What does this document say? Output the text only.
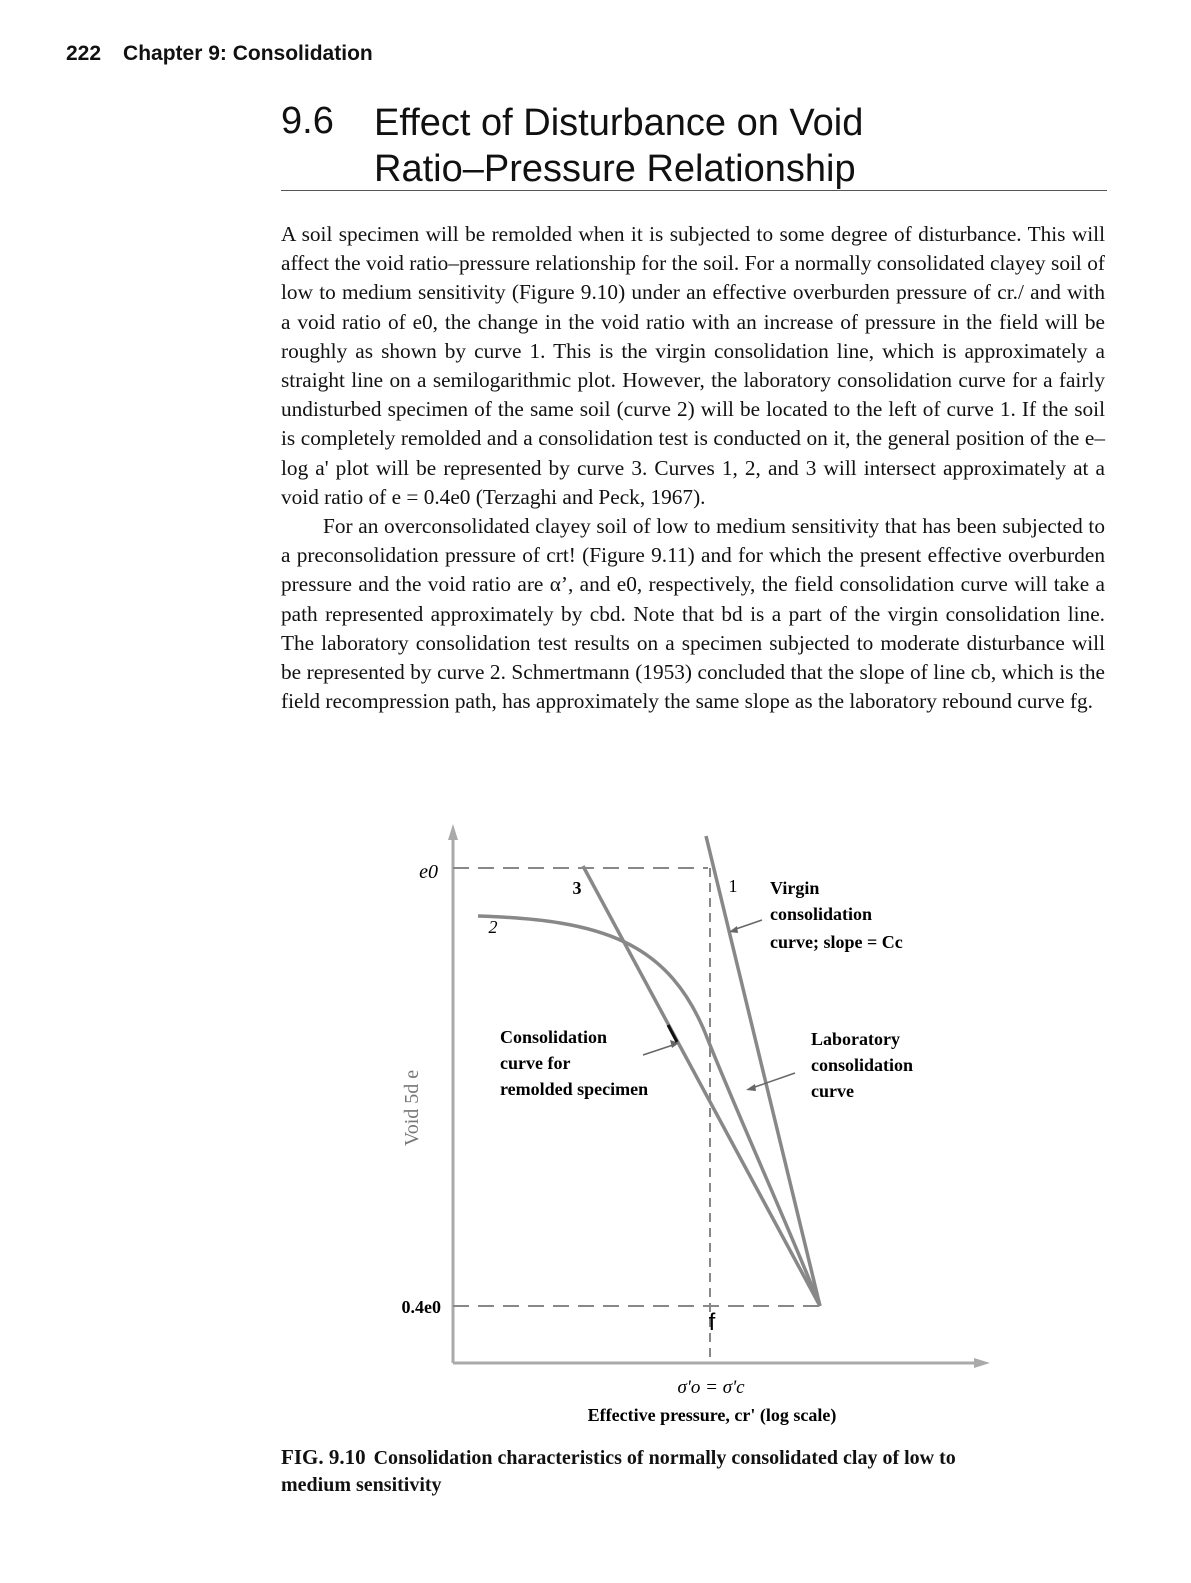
222 Chapter 9: Consolidation
9.6 Effect of Disturbance on Void
Ratio–Pressure Relationship

A soil specimen will be remolded when it is subjected to some degree of disturbance. This will affect the void ratio–pressure relationship for the soil. For a normally consolidated clayey soil of low to medium sensitivity (Figure 9.10) under an effective overburden pressure of cr./ and with a void ratio of e0, the change in the void ratio with an increase of pressure in the field will be roughly as shown by curve 1. This is the virgin consolidation line, which is approximately a straight line on a semilogarithmic plot. However, the laboratory consolidation curve for a fairly undisturbed specimen of the same soil (curve 2) will be located to the left of curve 1. If the soil is completely remolded and a consolidation test is conducted on it, the general position of the e–log a' plot will be represented by curve 3. Curves 1, 2, and 3 will intersect approximately at a void ratio of e = 0.4e0 (Terzaghi and Peck, 1967).

For an overconsolidated clayey soil of low to medium sensitivity that has been subjected to a preconsolidation pressure of crt! (Figure 9.11) and for which the present effective overburden pressure and the void ratio are α’, and e0, respectively, the field consolidation curve will take a path represented approximately by cbd. Note that bd is a part of the virgin consolidation line. The laboratory consolidation test results on a specimen subjected to moderate disturbance will be represented by curve 2. Schmertmann (1953) concluded that the slope of line cb, which is the field recompression path, has approximately the same slope as the laboratory rebound curve fg.

e0
0.4e0
Void 5d e
1
2
3	Virgin
consolidation
curve; slope = Cc
Consolidation
curve for
remolded specimen
Laboratory
consolidation
curve
f
σ'o = σ'c
Effective pressure, cr' (log scale)
FIG. 9.10 Consolidation characteristics of normally consolidated clay of low to
medium sensitivity
